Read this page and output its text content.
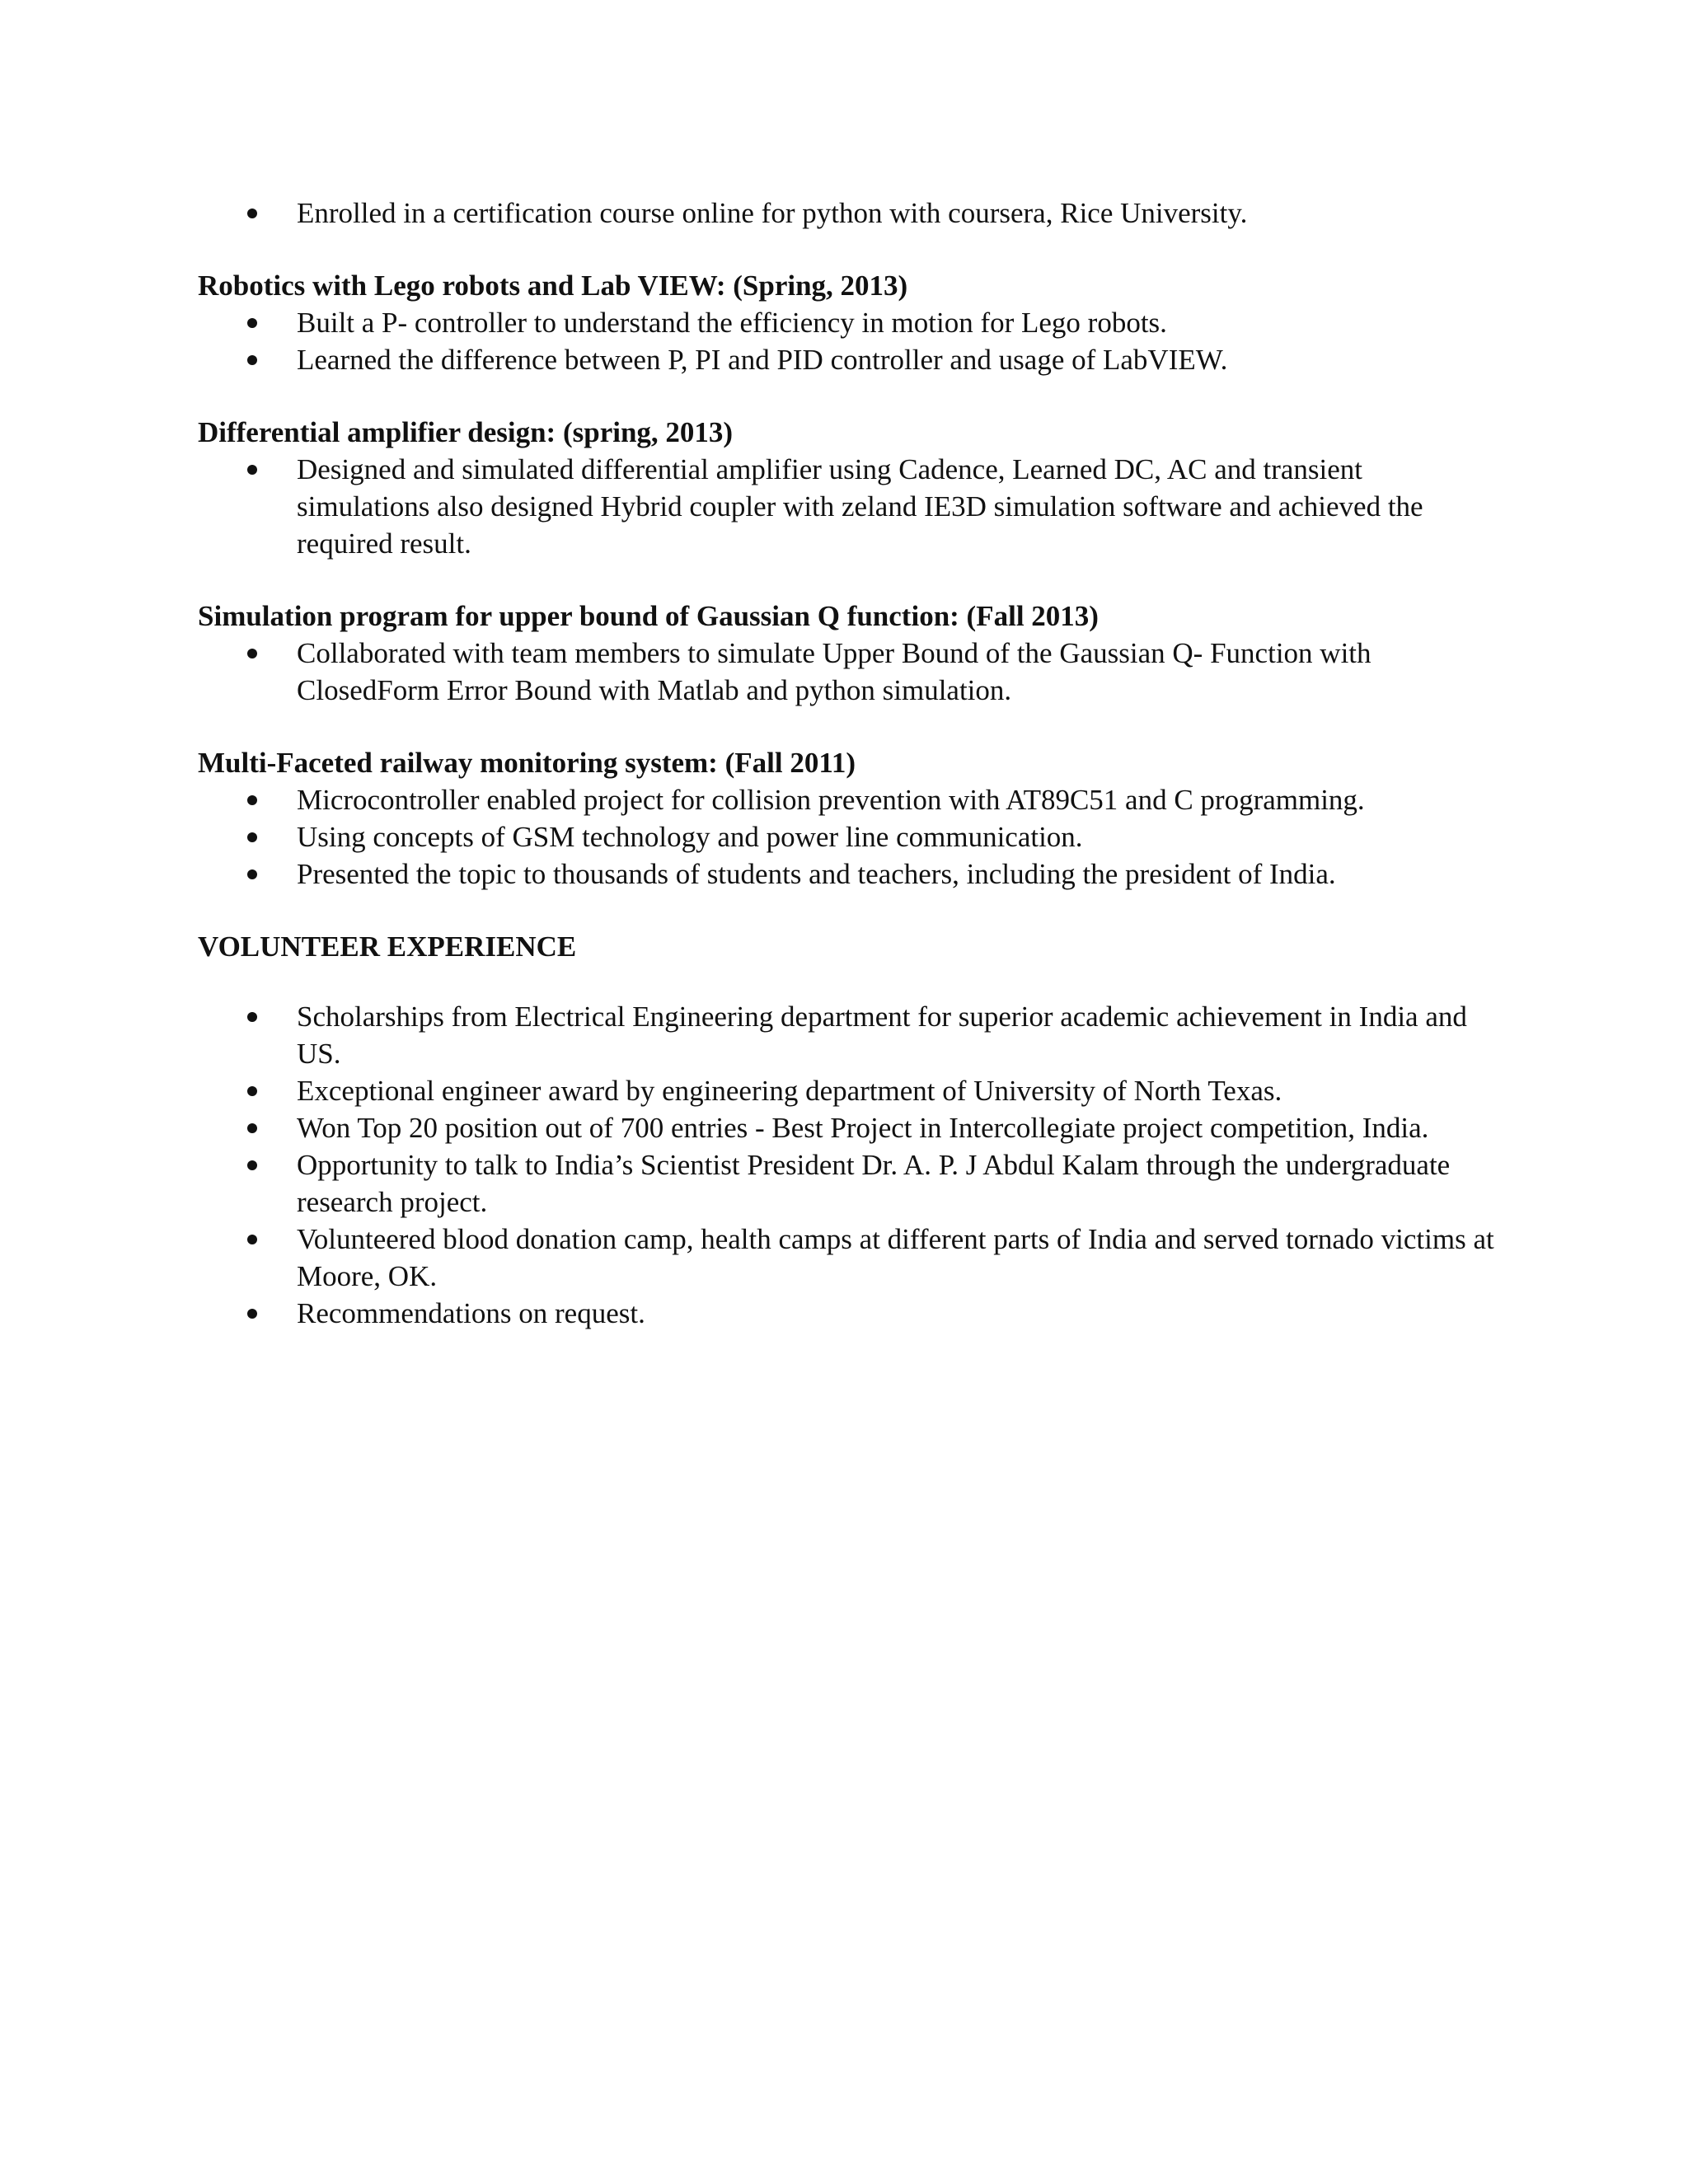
Enrolled in a certification course online for python with coursera, Rice University.

Robotics with Lego robots and Lab VIEW: (Spring, 2013)

Built a P- controller to understand the efficiency in motion for Lego robots.
Learned the difference between P, PI and PID controller and usage of LabVIEW.

Differential amplifier design: (spring, 2013)

Designed and simulated differential amplifier using Cadence, Learned DC, AC and transient simulations also designed Hybrid coupler with zeland IE3D simulation software and achieved the required result.

Simulation program for upper bound of Gaussian Q function: (Fall 2013)

Collaborated with team members to simulate Upper Bound of the Gaussian Q- Function with ClosedForm Error Bound with Matlab and python simulation.

Multi-Faceted railway monitoring system: (Fall 2011)

Microcontroller enabled project for collision prevention with AT89C51 and C programming.
Using concepts of GSM technology and power line communication.
Presented the topic to thousands of students and teachers, including the president of India.

VOLUNTEER EXPERIENCE

Scholarships from Electrical Engineering department for superior academic achievement in India and US.
Exceptional engineer award by engineering department of University of North Texas.
Won Top 20 position out of 700 entries - Best Project in Intercollegiate project competition, India.
Opportunity to talk to India’s Scientist President Dr. A. P. J Abdul Kalam through the undergraduate research project.
Volunteered blood donation camp, health camps at different parts of India and served tornado victims at Moore, OK.
Recommendations on request.
